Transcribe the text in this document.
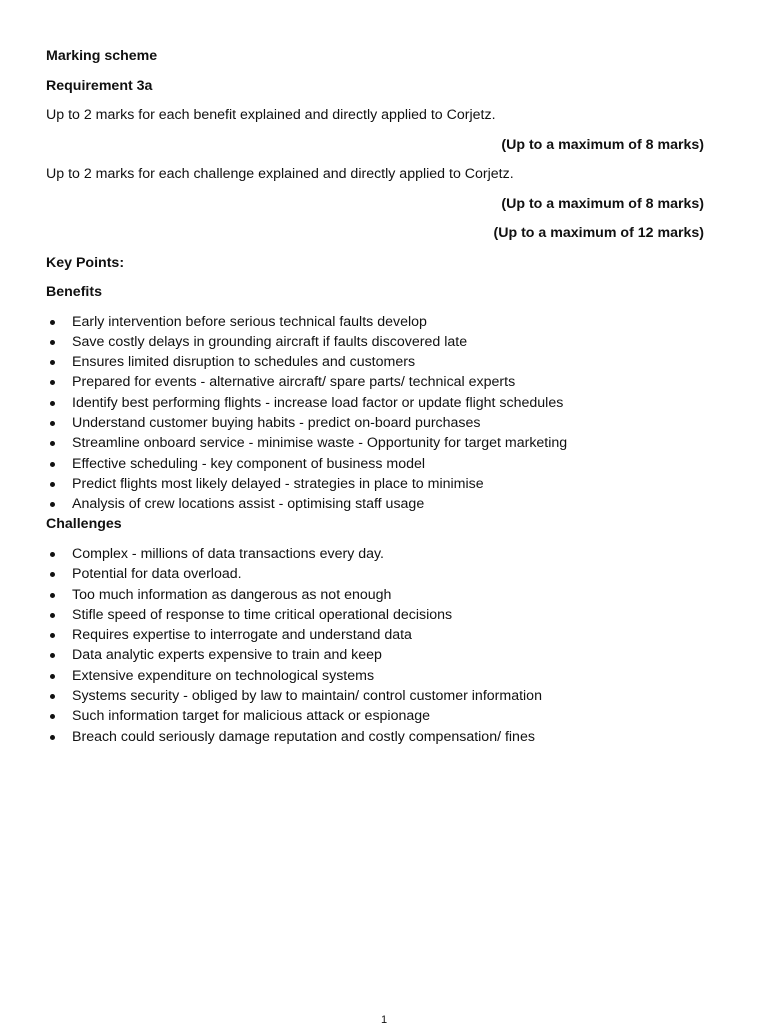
Marking scheme

Requirement 3a

Up to 2 marks for each benefit explained and directly applied to Corjetz.

(Up to a maximum of 8 marks)

Up to 2 marks for each challenge explained and directly applied to Corjetz.

(Up to a maximum of 8 marks)

(Up to a maximum of 12 marks)

Key Points:

Benefits

Early intervention before serious technical faults develop
Save costly delays in grounding aircraft if faults discovered late
Ensures limited disruption to schedules and customers
Prepared for events - alternative aircraft/ spare parts/ technical experts
Identify best performing flights - increase load factor or update flight schedules
Understand customer buying habits - predict on-board purchases
Streamline onboard service - minimise waste - Opportunity for target marketing
Effective scheduling - key component of business model
Predict flights most likely delayed - strategies in place to minimise
Analysis of crew locations assist - optimising staff usage

Challenges

Complex - millions of data transactions every day.
Potential for data overload.
Too much information as dangerous as not enough
Stifle speed of response to time critical operational decisions
Requires expertise to interrogate and understand data
Data analytic experts expensive to train and keep
Extensive expenditure on technological systems
Systems security - obliged by law to maintain/ control customer information
Such information target for malicious attack or espionage
Breach could seriously damage reputation and costly compensation/ fines
1
